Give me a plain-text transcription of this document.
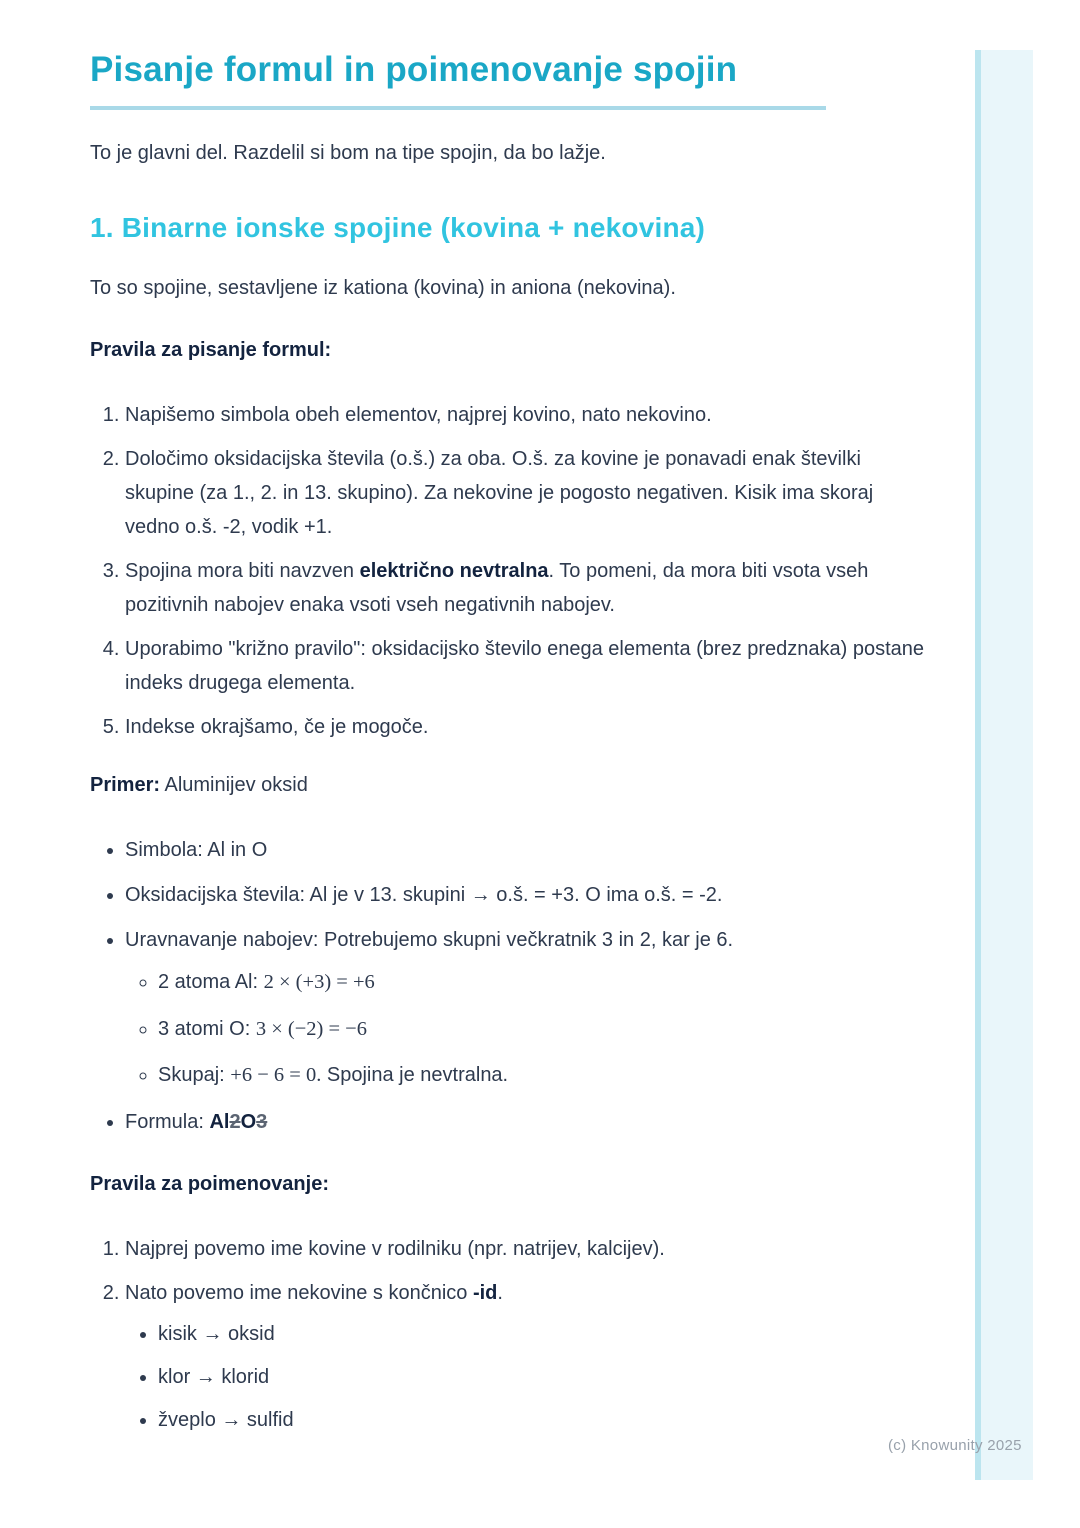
Pisanje formul in poimenovanje spojin

To je glavni del. Razdelil si bom na tipe spojin, da bo lažje.

1. Binarne ionske spojine (kovina + nekovina)

To so spojine, sestavljene iz kationa (kovina) in aniona (nekovina).

Pravila za pisanje formul:

1. Napišemo simbola obeh elementov, najprej kovino, nato nekovino.
2. Določimo oksidacijska števila (o.š.) za oba. O.š. za kovine je ponavadi enak številki skupine (za 1., 2. in 13. skupino). Za nekovine je pogosto negativen. Kisik ima skoraj vedno o.š. -2, vodik +1.
3. Spojina mora biti navzven električno nevtralna. To pomeni, da mora biti vsota vseh pozitivnih nabojev enaka vsoti vseh negativnih nabojev.
4. Uporabimo "križno pravilo": oksidacijsko število enega elementa (brez predznaka) postane indeks drugega elementa.
5. Indekse okrajšamo, če je mogoče.

Primer: Aluminijev oksid

• Simbola: Al in O
• Oksidacijska števila: Al je v 13. skupini → o.š. = +3. O ima o.š. = -2.
• Uravnavanje nabojev: Potrebujemo skupni večkratnik 3 in 2, kar je 6.
◦ 2 atoma Al: 2 × (+3) = +6
◦ 3 atomi O: 3 × (−2) = −6
◦ Skupaj: +6 − 6 = 0. Spojina je nevtralna.
• Formula: Al2O3

Pravila za poimenovanje:

1. Najprej povemo ime kovine v rodilniku (npr. natrijev, kalcijev).
2. Nato povemo ime nekovine s končnico -id.
• kisik → oksid
• klor → klorid
• žveplo → sulfid
(c) Knowunity 2025
